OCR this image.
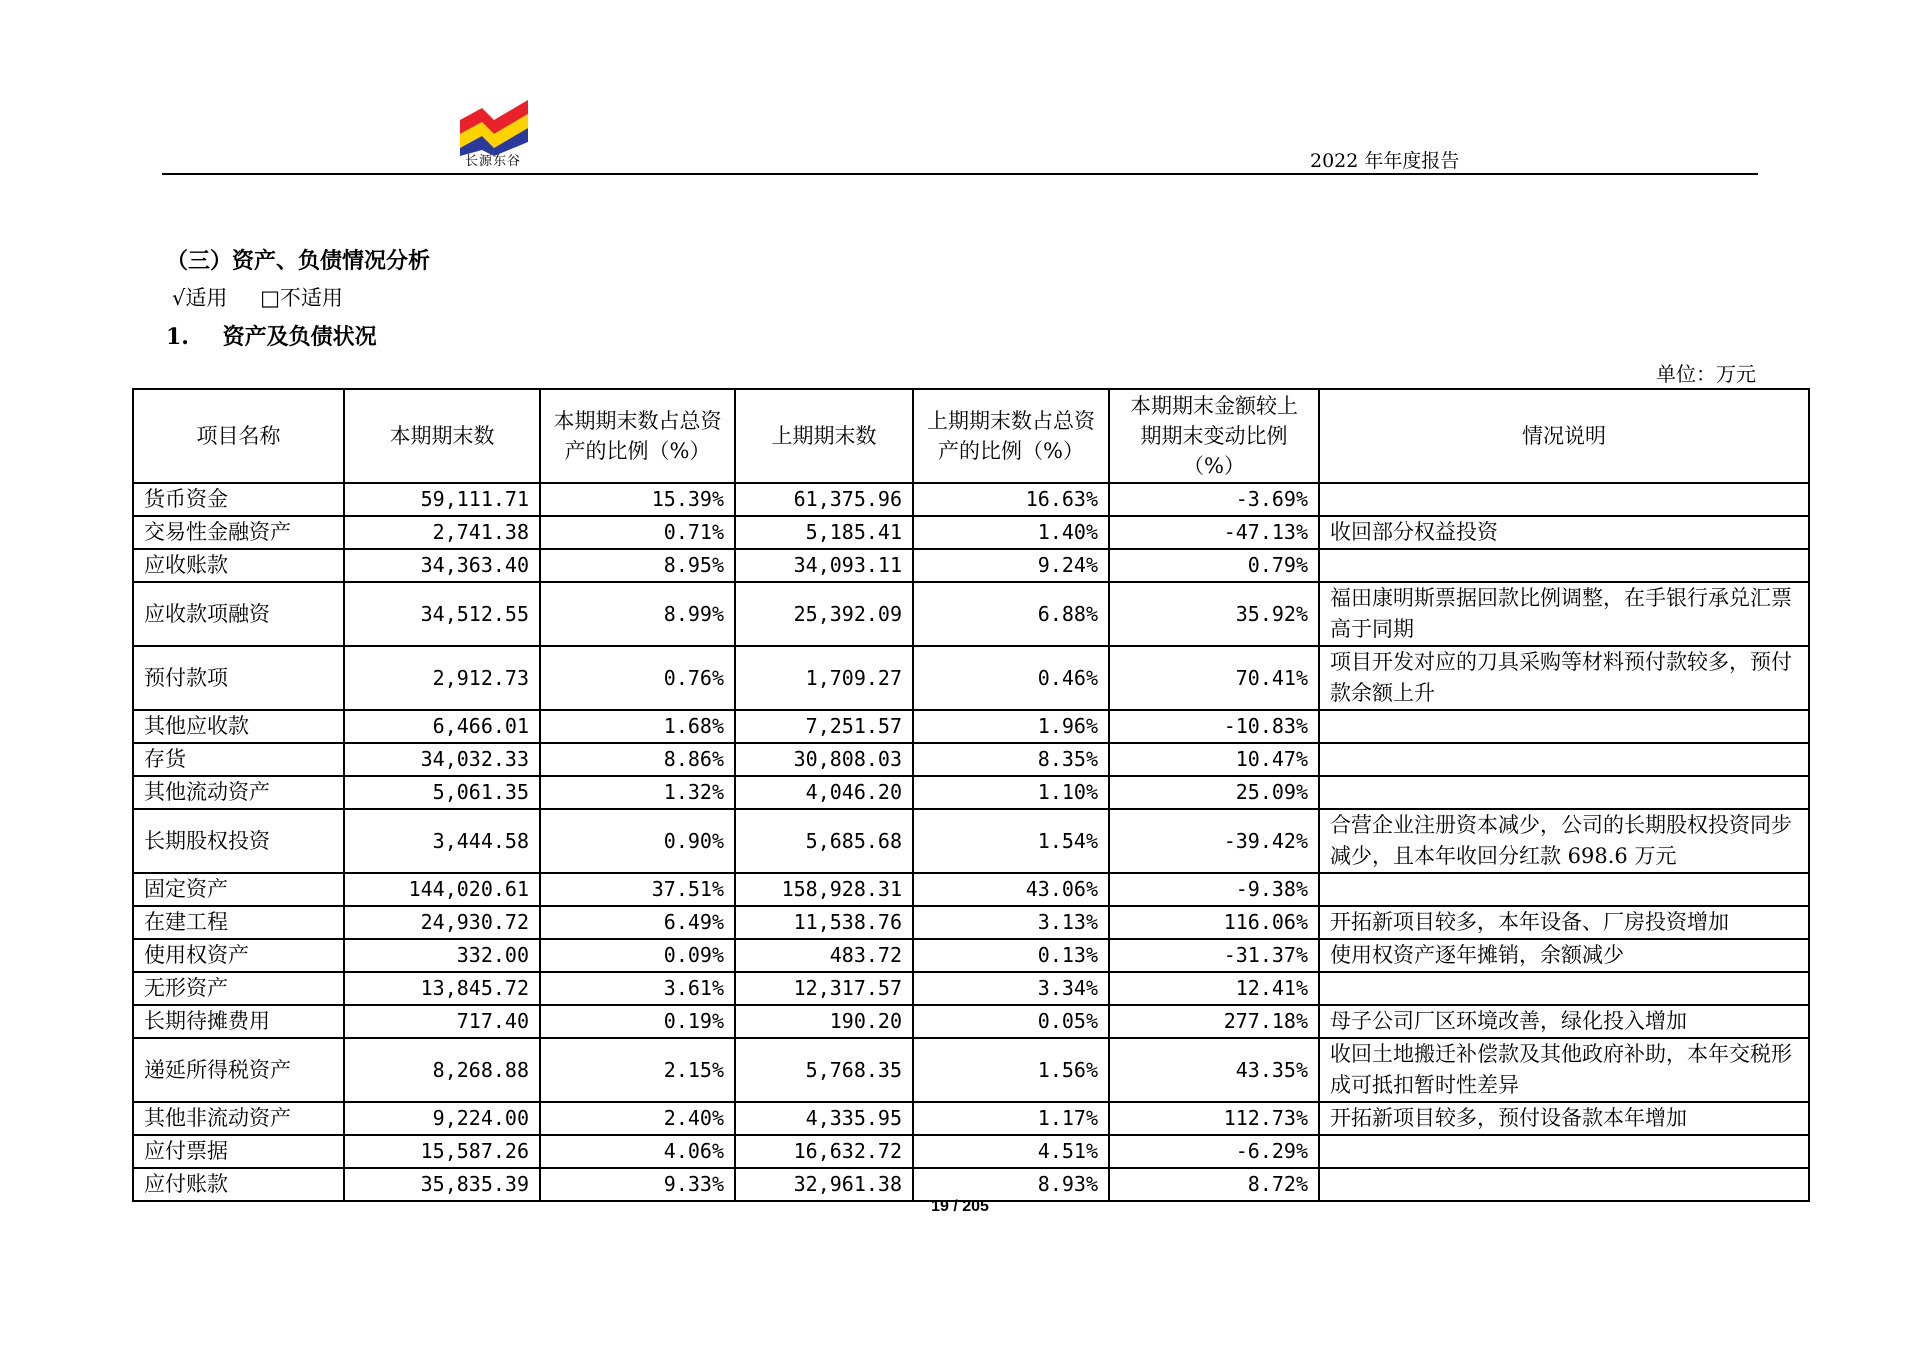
长源东谷	2022 年年度报告
（三）资产、负债情况分析
√适用 □不适用
1. 资产及负债状况
单位：万元
项目名称	本期期末数	本期期末数占总资产的比例（%）	上期期末数	上期期末数占总资产的比例（%）	本期期末金额较上期期末变动比例（%）	情况说明
货币资金	59,111.71	15.39%	61,375.96	16.63%	-3.69%	
交易性金融资产	2,741.38	0.71%	5,185.41	1.40%	-47.13%	收回部分权益投资
应收账款	34,363.40	8.95%	34,093.11	9.24%	0.79%	
应收款项融资	34,512.55	8.99%	25,392.09	6.88%	35.92%	福田康明斯票据回款比例调整，在手银行承兑汇票高于同期
预付款项	2,912.73	0.76%	1,709.27	0.46%	70.41%	项目开发对应的刀具采购等材料预付款较多，预付款余额上升
其他应收款	6,466.01	1.68%	7,251.57	1.96%	-10.83%	
存货	34,032.33	8.86%	30,808.03	8.35%	10.47%	
其他流动资产	5,061.35	1.32%	4,046.20	1.10%	25.09%	
长期股权投资	3,444.58	0.90%	5,685.68	1.54%	-39.42%	合营企业注册资本减少，公司的长期股权投资同步减少，且本年收回分红款 698.6 万元
固定资产	144,020.61	37.51%	158,928.31	43.06%	-9.38%	
在建工程	24,930.72	6.49%	11,538.76	3.13%	116.06%	开拓新项目较多，本年设备、厂房投资增加
使用权资产	332.00	0.09%	483.72	0.13%	-31.37%	使用权资产逐年摊销，余额减少
无形资产	13,845.72	3.61%	12,317.57	3.34%	12.41%	
长期待摊费用	717.40	0.19%	190.20	0.05%	277.18%	母子公司厂区环境改善，绿化投入增加
递延所得税资产	8,268.88	2.15%	5,768.35	1.56%	43.35%	收回土地搬迁补偿款及其他政府补助，本年交税形成可抵扣暂时性差异
其他非流动资产	9,224.00	2.40%	4,335.95	1.17%	112.73%	开拓新项目较多，预付设备款本年增加
应付票据	15,587.26	4.06%	16,632.72	4.51%	-6.29%	
应付账款	35,835.39	9.33%	32,961.38	8.93%	8.72%	
19 / 205
